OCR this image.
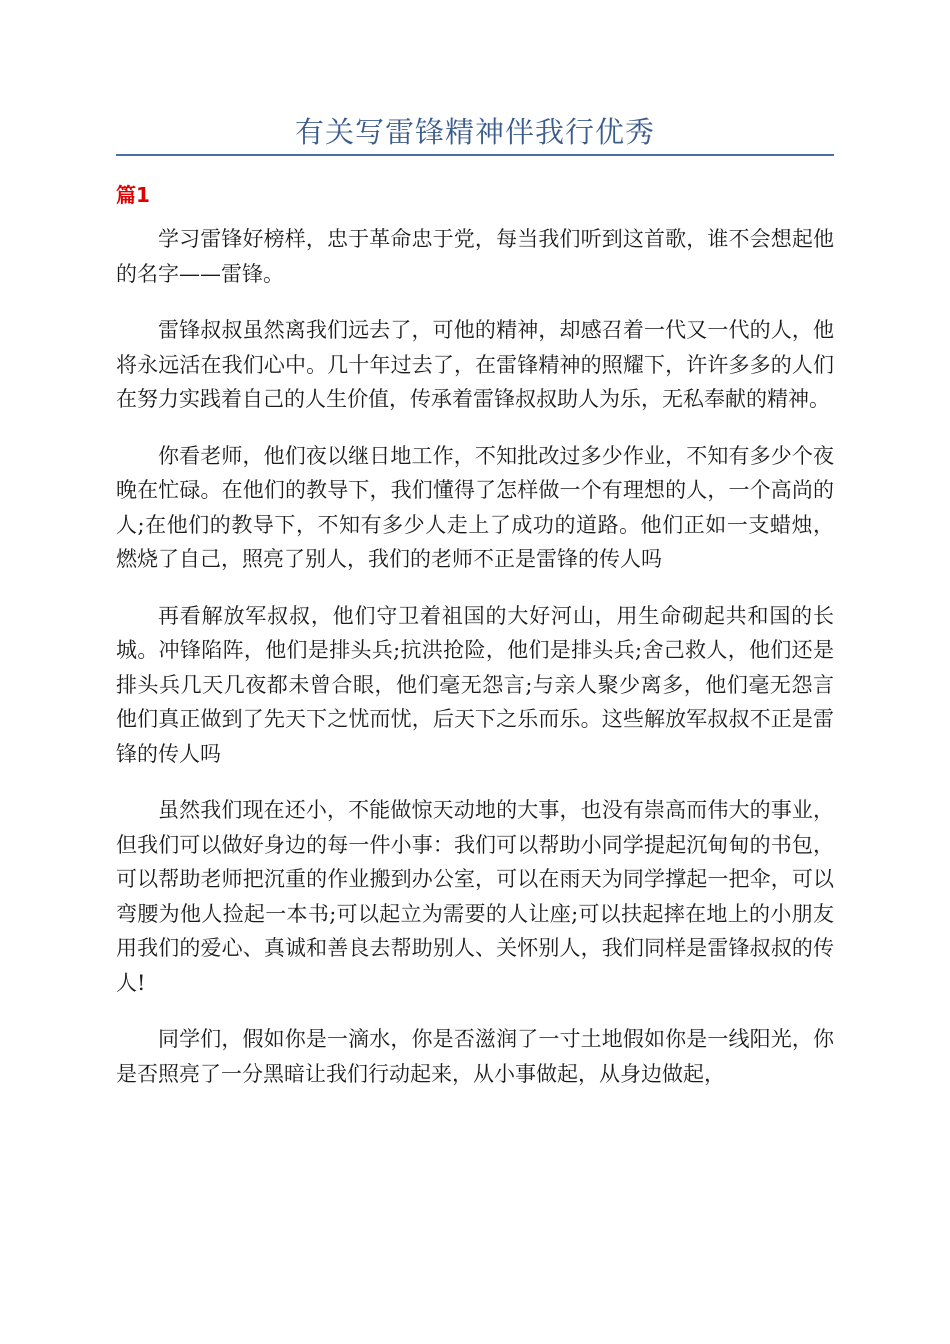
有关写雷锋精神伴我行优秀
篇1

学习雷锋好榜样，忠于革命忠于党，每当我们听到这首歌，谁不会想起他的名字——雷锋。

雷锋叔叔虽然离我们远去了，可他的精神，却感召着一代又一代的人，他将永远活在我们心中。几十年过去了，在雷锋精神的照耀下，许许多多的人们在努力实践着自己的人生价值，传承着雷锋叔叔助人为乐，无私奉献的精神。

你看老师，他们夜以继日地工作，不知批改过多少作业，不知有多少个夜晚在忙碌。在他们的教导下，我们懂得了怎样做一个有理想的人，一个高尚的人;在他们的教导下，不知有多少人走上了成功的道路。他们正如一支蜡烛，燃烧了自己，照亮了别人，我们的老师不正是雷锋的传人吗

再看解放军叔叔，他们守卫着祖国的大好河山，用生命砌起共和国的长城。冲锋陷阵，他们是排头兵;抗洪抢险，他们是排头兵;舍己救人，他们还是排头兵几天几夜都未曾合眼，他们毫无怨言;与亲人聚少离多，他们毫无怨言他们真正做到了先天下之忧而忧，后天下之乐而乐。这些解放军叔叔不正是雷锋的传人吗

虽然我们现在还小，不能做惊天动地的大事，也没有崇高而伟大的事业，但我们可以做好身边的每一件小事：我们可以帮助小同学提起沉甸甸的书包，可以帮助老师把沉重的作业搬到办公室，可以在雨天为同学撑起一把伞，可以弯腰为他人捡起一本书;可以起立为需要的人让座;可以扶起摔在地上的小朋友用我们的爱心、真诚和善良去帮助别人、关怀别人，我们同样是雷锋叔叔的传人!

同学们，假如你是一滴水，你是否滋润了一寸土地假如你是一线阳光，你是否照亮了一分黑暗让我们行动起来，从小事做起，从身边做起，
